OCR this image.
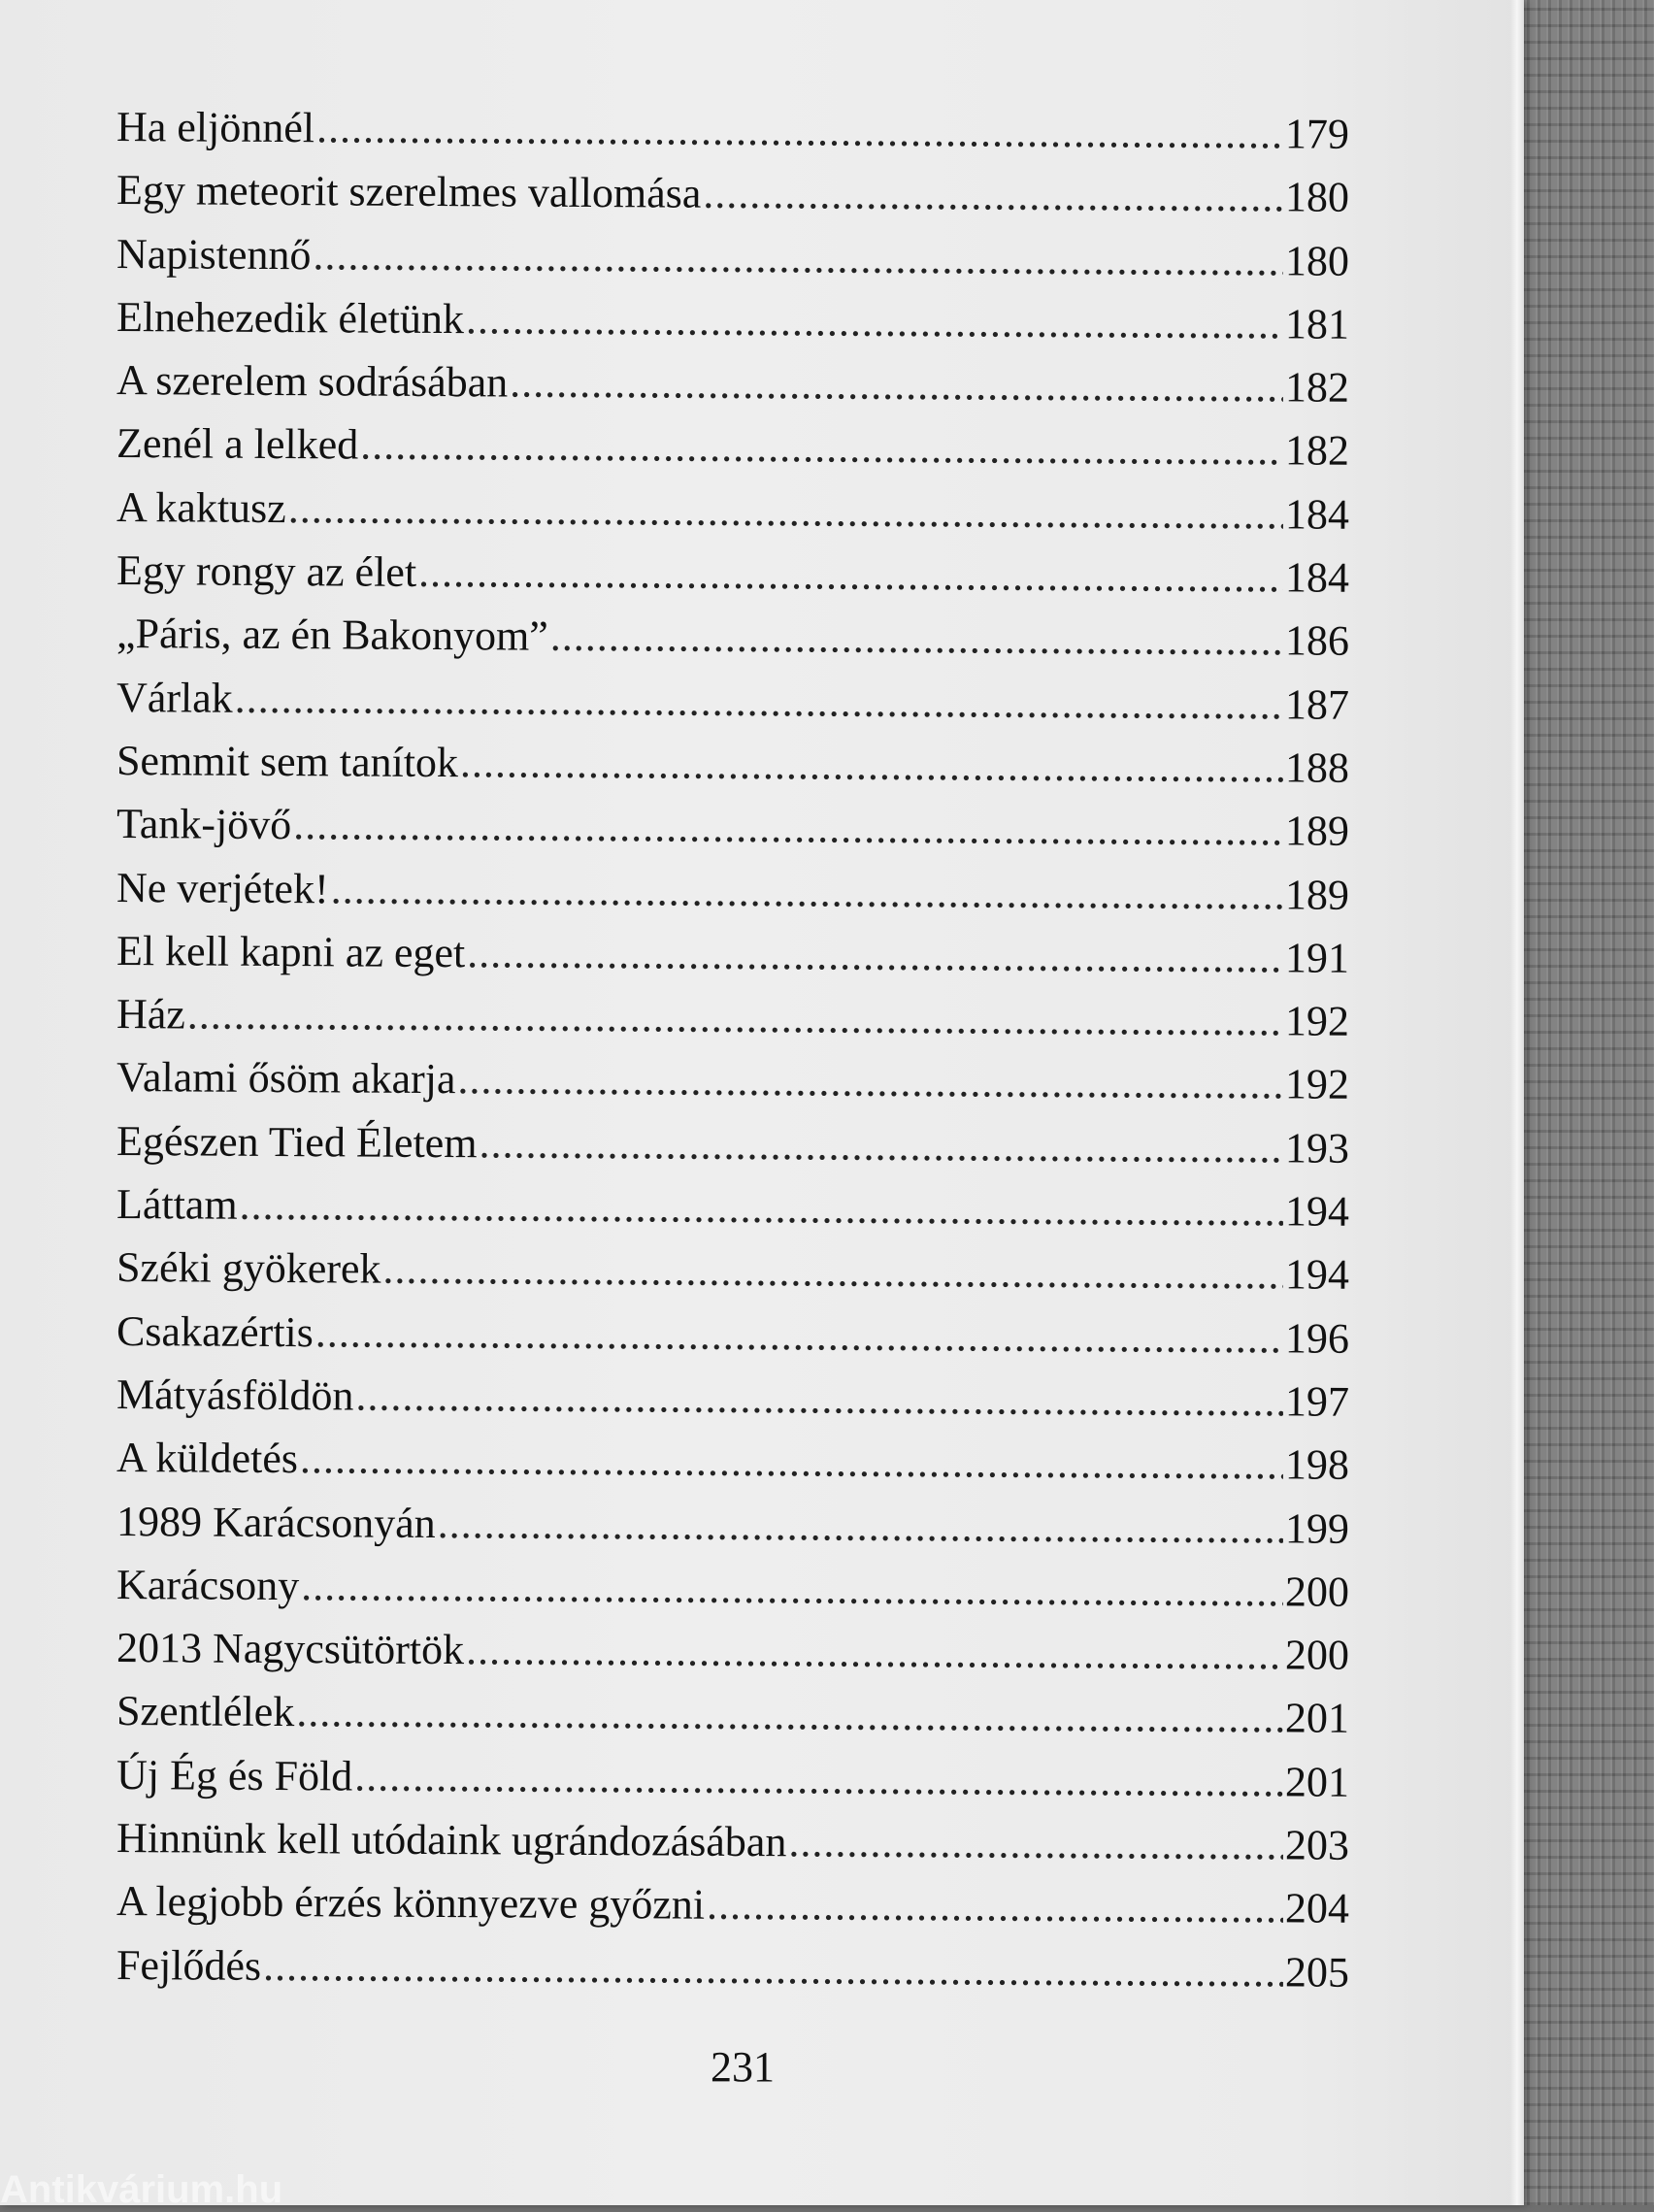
Ha eljönnél .....	179
Egy meteorit szerelmes vallomása .....	180
Napistennő .....	180
Elnehezedik életünk .....	181
A szerelem sodrásában .....	182
Zenél a lelked .....	182
A kaktusz .....	184
Egy rongy az élet .....	184
„Páris, az én Bakonyom” .....	186
Várlak .....	187
Semmit sem tanítok .....	188
Tank-jövő .....	189
Ne verjétek! .....	189
El kell kapni az eget .....	191
Ház .....	192
Valami ősöm akarja .....	192
Egészen Tied Életem .....	193
Láttam .....	194
Széki gyökerek .....	194
Csakazértis .....	196
Mátyásföldön .....	197
A küldetés .....	198
1989 Karácsonyán .....	199
Karácsony .....	200
2013 Nagycsütörtök .....	200
Szentlélek .....	201
Új Ég és Föld .....	201
Hinnünk kell utódaink ugrándozásában .....	203
A legjobb érzés könnyezve győzni .....	204
Fejlődés .....	205
231
Antikvárium.hu
